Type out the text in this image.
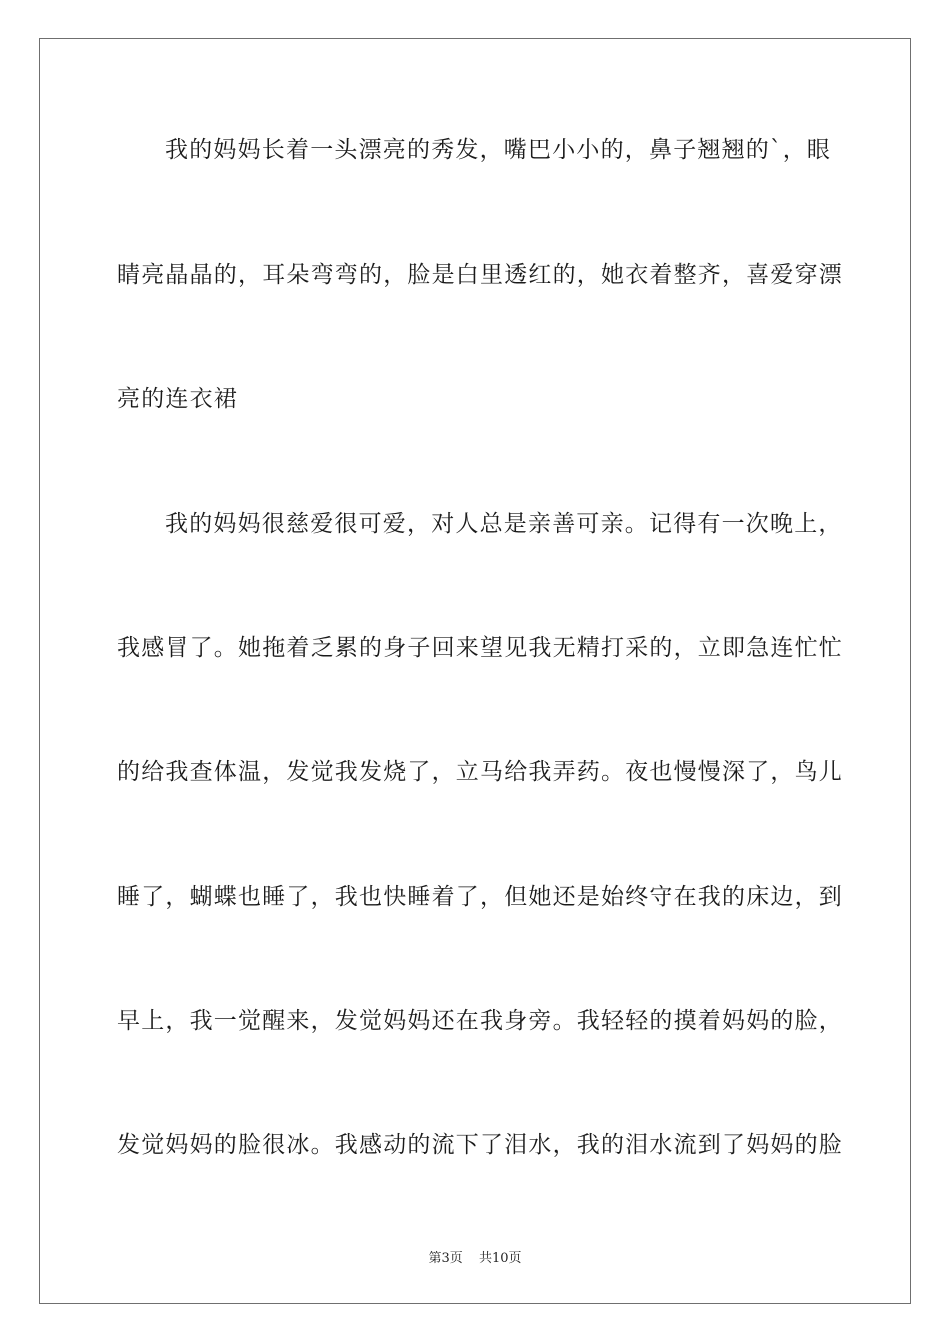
我的妈妈长着一头漂亮的秀发，嘴巴小小的，鼻子翘翘的`，眼
睛亮晶晶的，耳朵弯弯的，脸是白里透红的，她衣着整齐，喜爱穿漂
亮的连衣裙
我的妈妈很慈爱很可爱，对人总是亲善可亲。记得有一次晚上，
我感冒了。她拖着乏累的身子回来望见我无精打采的，立即急连忙忙
的给我查体温，发觉我发烧了，立马给我弄药。夜也慢慢深了，鸟儿
睡了，蝴蝶也睡了，我也快睡着了，但她还是始终守在我的床边，到
早上，我一觉醒来，发觉妈妈还在我身旁。我轻轻的摸着妈妈的脸，
发觉妈妈的脸很冰。我感动的流下了泪水，我的泪水流到了妈妈的脸
第3页 共10页
